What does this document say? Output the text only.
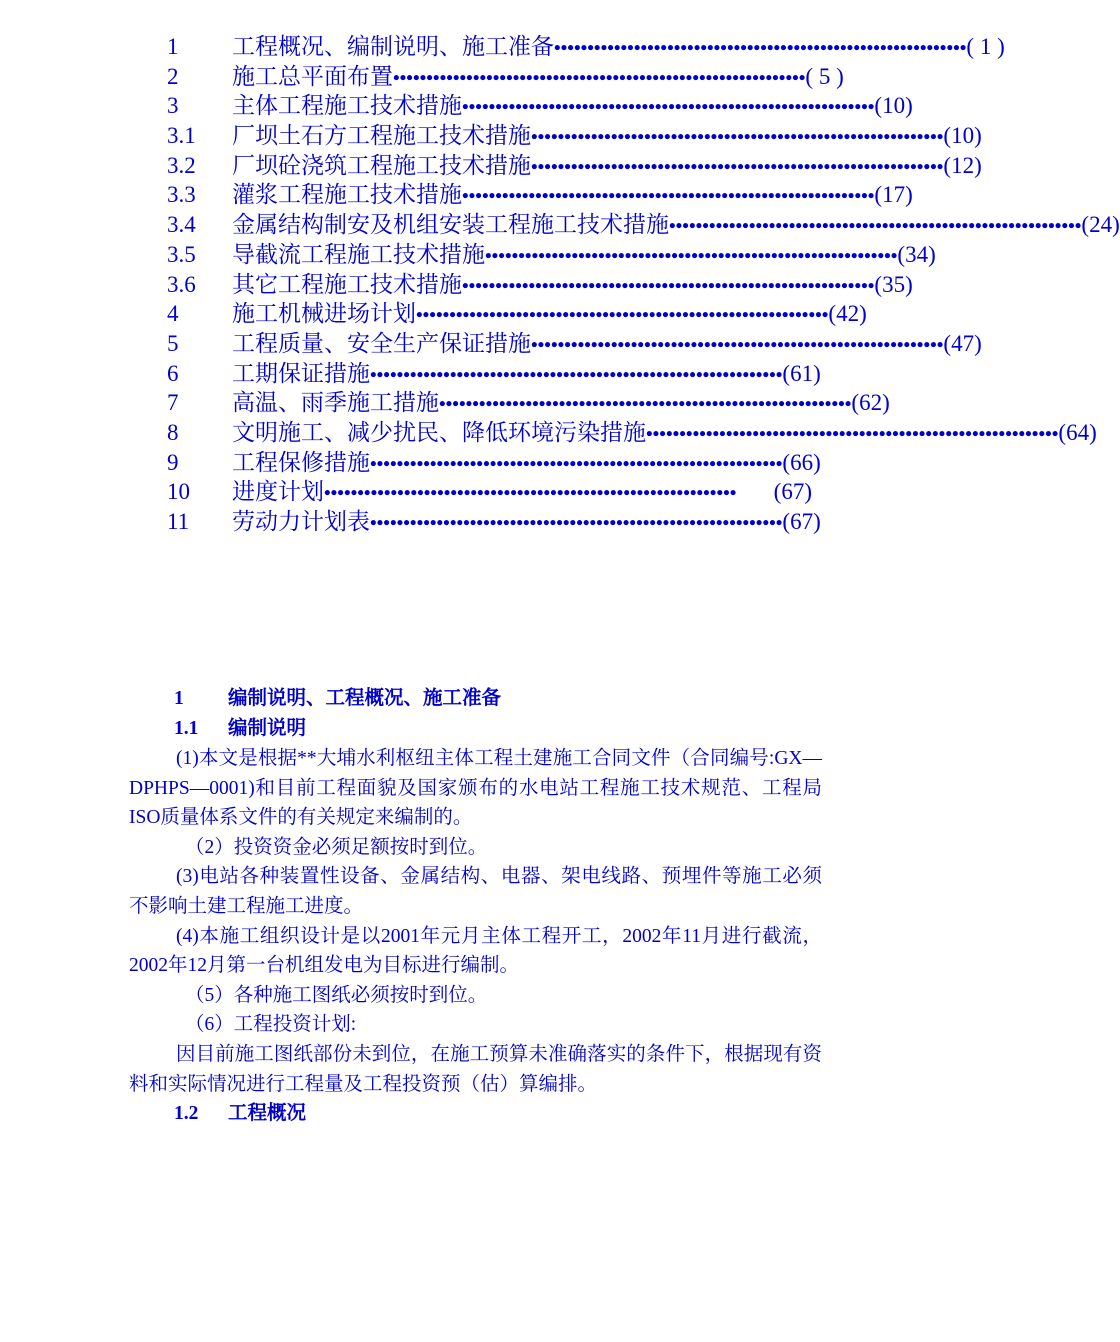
1	工程概况、编制说明、施工准备 •••••••••••••••••••••••••••••••••••••••••••••••••••••••••••••• ( 1 )
2	施工总平面布置 •••••••••••••••••••••••••••••••••••••••••••••••••••••••••••••• ( 5 )
3	主体工程施工技术措施 •••••••••••••••••••••••••••••••••••••••••••••••••••••••••••••• (10)
3.1	厂坝土石方工程施工技术措施 •••••••••••••••••••••••••••••••••••••••••••••••••••••••••••••• (10)
3.2	厂坝砼浇筑工程施工技术措施 •••••••••••••••••••••••••••••••••••••••••••••••••••••••••••••• (12)
3.3	灌浆工程施工技术措施 •••••••••••••••••••••••••••••••••••••••••••••••••••••••••••••• (17)
3.4	金属结构制安及机组安装工程施工技术措施 •••••••••••••••••••••••••••••••••••••••••••••••••••••••••••••• (24)
3.5	导截流工程施工技术措施 •••••••••••••••••••••••••••••••••••••••••••••••••••••••••••••• (34)
3.6	其它工程施工技术措施 •••••••••••••••••••••••••••••••••••••••••••••••••••••••••••••• (35)
4	施工机械进场计划 •••••••••••••••••••••••••••••••••••••••••••••••••••••••••••••• (42)
5	工程质量、安全生产保证措施 •••••••••••••••••••••••••••••••••••••••••••••••••••••••••••••• (47)
6	工期保证措施 •••••••••••••••••••••••••••••••••••••••••••••••••••••••••••••• (61)
7	高温、雨季施工措施 •••••••••••••••••••••••••••••••••••••••••••••••••••••••••••••• (62)
8	文明施工、减少扰民、降低环境污染措施 •••••••••••••••••••••••••••••••••••••••••••••••••••••••••••••• (64)
9	工程保修措施 •••••••••••••••••••••••••••••••••••••••••••••••••••••••••••••• (66)
10	进度计划 ••••••••••••••••••••••••••••••••••••••••••••••••••••••••••••••	(67)
11	劳动力计划表 •••••••••••••••••••••••••••••••••••••••••••••••••••••••••••••• (67)
1 编制说明、工程概况、施工准备
1.1 编制说明

(1)本文是根据**大埔水利枢纽主体工程土建施工合同文件（合同编号:GX—DPHPS—0001)和目前工程面貌及国家颁布的水电站工程施工技术规范、工程局ISO质量体系文件的有关规定来编制的。

（2）投资资金必须足额按时到位。

(3)电站各种装置性设备、金属结构、电器、架电线路、预埋件等施工必须不影响土建工程施工进度。

(4)本施工组织设计是以2001年元月主体工程开工，2002年11月进行截流，2002年12月第一台机组发电为目标进行编制。

（5）各种施工图纸必须按时到位。

（6）工程投资计划:

因目前施工图纸部份未到位，在施工预算未准确落实的条件下，根据现有资料和实际情况进行工程量及工程投资预（估）算编排。

1.2 工程概况
